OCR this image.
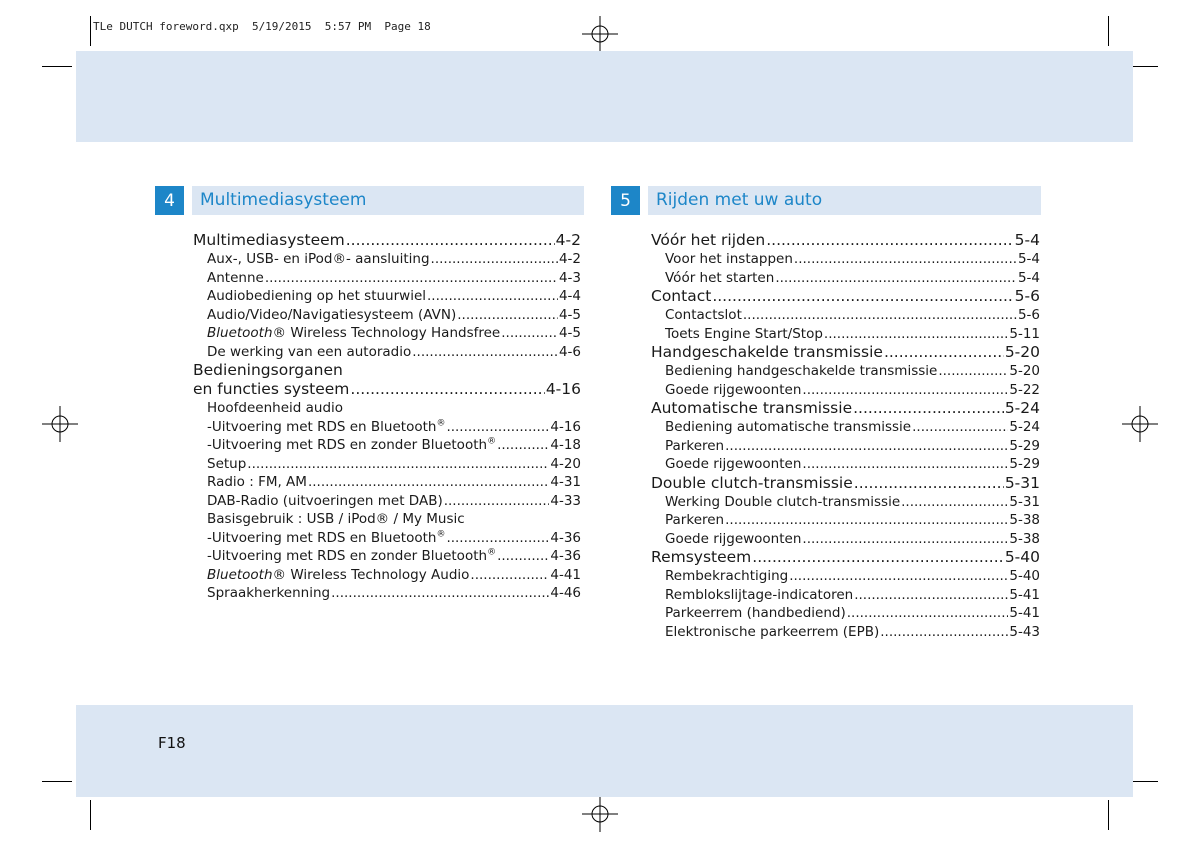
TLe DUTCH foreword.qxp  5/19/2015  5:57 PM  Page 18
F18
4	Multimediasysteem
Multimediasysteem .....	4-2
Aux-, USB- en iPod®- aansluiting .....	4-2
Antenne .....	4-3
Audiobediening op het stuurwiel .....	4-4
Audio/Video/Navigatiesysteem (AVN) .....	4-5
Bluetooth® Wireless Technology Handsfree .....	4-5
De werking van een autoradio .....	4-6
Bedieningsorganen
en functies systeem .....	4-16
Hoofdeenheid audio
-Uitvoering met RDS en Bluetooth® .....	4-16
-Uitvoering met RDS en zonder Bluetooth® .....	4-18
Setup .....	4-20
Radio : FM, AM .....	4-31
DAB-Radio (uitvoeringen met DAB) .....	4-33
Basisgebruik : USB / iPod® / My Music
-Uitvoering met RDS en Bluetooth® .....	4-36
-Uitvoering met RDS en zonder Bluetooth® .....	4-36
Bluetooth® Wireless Technology Audio .....	4-41
Spraakherkenning .....	4-46
5	Rijden met uw auto
Vóór het rijden .....	5-4
Voor het instappen .....	5-4
Vóór het starten .....	5-4
Contact .....	5-6
Contactslot .....	5-6
Toets Engine Start/Stop .....	5-11
Handgeschakelde transmissie .....	5-20
Bediening handgeschakelde transmissie .....	5-20
Goede rijgewoonten .....	5-22
Automatische transmissie .....	5-24
Bediening automatische transmissie .....	5-24
Parkeren .....	5-29
Goede rijgewoonten .....	5-29
Double clutch-transmissie .....	5-31
Werking Double clutch-transmissie .....	5-31
Parkeren .....	5-38
Goede rijgewoonten .....	5-38
Remsysteem .....	5-40
Rembekrachtiging .....	5-40
Remblokslijtage-indicatoren .....	5-41
Parkeerrem (handbediend) .....	5-41
Elektronische parkeerrem (EPB) .....	5-43
